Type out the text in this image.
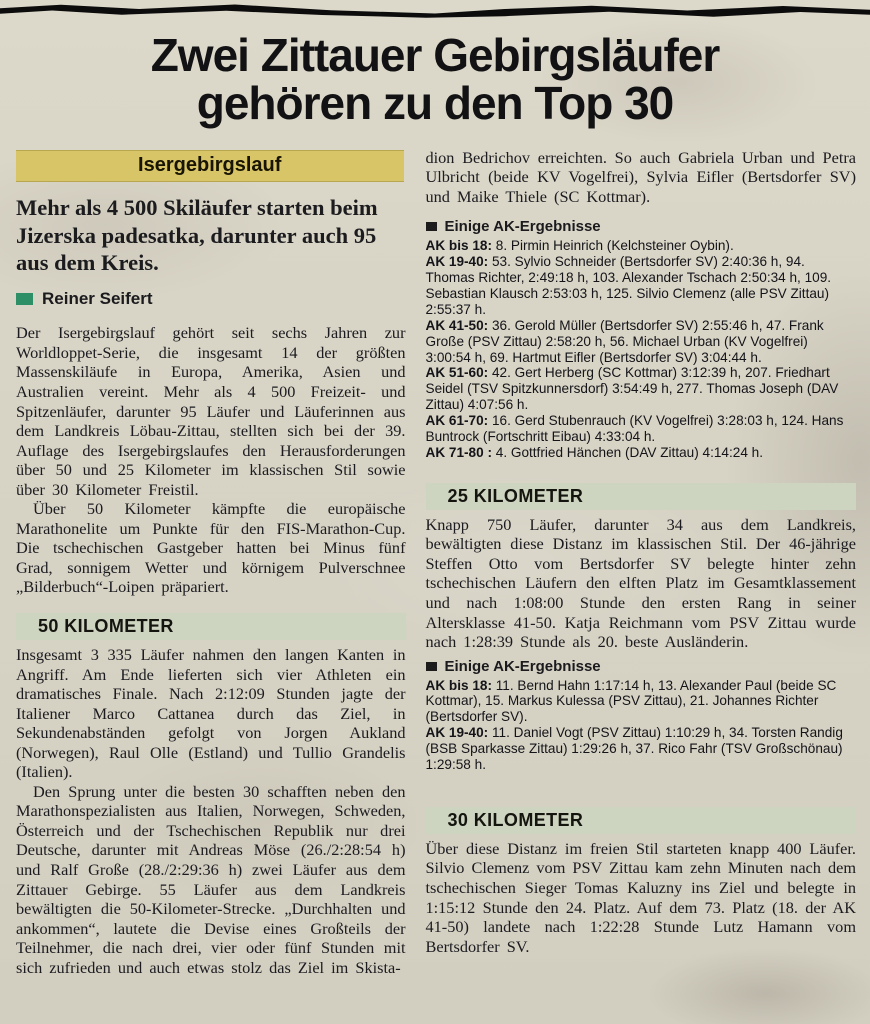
Zwei Zittauer Gebirgsläufer
gehören zu den Top 30
Isergebirgslauf

Mehr als 4 500 Skiläufer starten beim Jizerska padesatka, darunter auch 95 aus dem Kreis.

Reiner Seifert

Der Isergebirgslauf gehört seit sechs Jahren zur Worldloppet-Serie, die insgesamt 14 der größten Massenskiläufe in Europa, Amerika, Asien und Australien vereint. Mehr als 4 500 Freizeit- und Spitzenläufer, darunter 95 Läufer und Läuferinnen aus dem Landkreis Löbau-Zittau, stellten sich bei der 39. Auflage des Isergebirgslaufes den Herausforderungen über 50 und 25 Kilometer im klassischen Stil sowie über 30 Kilometer Freistil.

Über 50 Kilometer kämpfte die europäische Marathonelite um Punkte für den FIS-Marathon-Cup. Die tschechischen Gastgeber hatten bei Minus fünf Grad, sonnigem Wetter und körnigem Pulverschnee „Bilderbuch“-Loipen präpariert.

50 KILOMETER

Insgesamt 3 335 Läufer nahmen den langen Kanten in Angriff. Am Ende lieferten sich vier Athleten ein dramatisches Finale. Nach 2:12:09 Stunden jagte der Italiener Marco Cattanea durch das Ziel, in Sekundenabständen gefolgt von Jorgen Aukland (Norwegen), Raul Olle (Estland) und Tullio Grandelis (Italien).

Den Sprung unter die besten 30 schafften neben den Marathonspezialisten aus Italien, Norwegen, Schweden, Österreich und der Tschechischen Republik nur drei Deutsche, darunter mit Andreas Möse (26./2:28:54 h) und Ralf Große (28./2:29:36 h) zwei Läufer aus dem Zittauer Gebirge. 55 Läufer aus dem Landkreis bewältigten die 50-Kilometer-Strecke. „Durchhalten und ankommen“, lautete die Devise eines Großteils der Teilnehmer, die nach drei, vier oder fünf Stunden mit sich zufrieden und auch etwas stolz das Ziel im Skista-

dion Bedrichov erreichten. So auch Gabriela Urban und Petra Ulbricht (beide KV Vogelfrei), Sylvia Eifler (Bertsdorfer SV) und Maike Thiele (SC Kottmar).

Einige AK-Ergebnisse

AK bis 18: 8. Pirmin Heinrich (Kelchsteiner Oybin).

AK 19-40: 53. Sylvio Schneider (Bertsdorfer SV) 2:40:36 h, 94. Thomas Richter, 2:49:18 h, 103. Alexander Tschach 2:50:34 h, 109. Sebastian Klausch 2:53:03 h, 125. Silvio Clemenz (alle PSV Zittau) 2:55:37 h.

AK 41-50: 36. Gerold Müller (Bertsdorfer SV) 2:55:46 h, 47. Frank Große (PSV Zittau) 2:58:20 h, 56. Michael Urban (KV Vogelfrei) 3:00:54 h, 69. Hartmut Eifler (Bertsdorfer SV) 3:04:44 h.

AK 51-60: 42. Gert Herberg (SC Kottmar) 3:12:39 h, 207. Friedhart Seidel (TSV Spitzkunnersdorf) 3:54:49 h, 277. Thomas Joseph (DAV Zittau) 4:07:56 h.

AK 61-70: 16. Gerd Stubenrauch (KV Vogelfrei) 3:28:03 h, 124. Hans Buntrock (Fortschritt Eibau) 4:33:04 h.

AK 71-80 : 4. Gottfried Hänchen (DAV Zittau) 4:14:24 h.

25 KILOMETER

Knapp 750 Läufer, darunter 34 aus dem Landkreis, bewältigten diese Distanz im klassischen Stil. Der 46-jährige Steffen Otto vom Bertsdorfer SV belegte hinter zehn tschechischen Läufern den elften Platz im Gesamtklassement und nach 1:08:00 Stunde den ersten Rang in seiner Altersklasse 41-50. Katja Reichmann vom PSV Zittau wurde nach 1:28:39 Stunde als 20. beste Ausländerin.

Einige AK-Ergebnisse

AK bis 18: 11. Bernd Hahn 1:17:14 h, 13. Alexander Paul (beide SC Kottmar), 15. Markus Kulessa (PSV Zittau), 21. Johannes Richter (Bertsdorfer SV).

AK 19-40: 11. Daniel Vogt (PSV Zittau) 1:10:29 h, 34. Torsten Randig (BSB Sparkasse Zittau) 1:29:26 h, 37. Rico Fahr (TSV Großschönau) 1:29:58 h.

30 KILOMETER

Über diese Distanz im freien Stil starteten knapp 400 Läufer. Silvio Clemenz vom PSV Zittau kam zehn Minuten nach dem tschechischen Sieger Tomas Kaluzny ins Ziel und belegte in 1:15:12 Stunde den 24. Platz. Auf dem 73. Platz (18. der AK 41-50) landete nach 1:22:28 Stunde Lutz Hamann vom Bertsdorfer SV.
